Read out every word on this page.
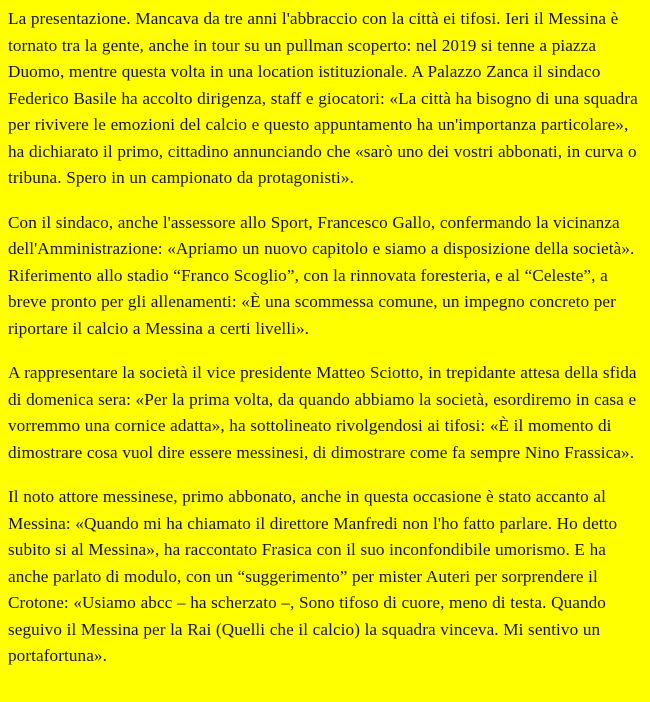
La presentazione. Mancava da tre anni l'abbraccio con la città ei tifosi. Ieri il Messina è tornato tra la gente, anche in tour su un pullman scoperto: nel 2019 si tenne a piazza Duomo, mentre questa volta in una location istituzionale. A Palazzo Zanca il sindaco Federico Basile ha accolto dirigenza, staff e giocatori: «La città ha bisogno di una squadra per rivivere le emozioni del calcio e questo appuntamento ha un'importanza particolare», ha dichiarato il primo, cittadino annunciando che «sarò uno dei vostri abbonati, in curva o tribuna. Spero in un campionato da protagonisti».

Con il sindaco, anche l'assessore allo Sport, Francesco Gallo, confermando la vicinanza dell'Amministrazione: «Apriamo un nuovo capitolo e siamo a disposizione della società». Riferimento allo stadio “Franco Scoglio”, con la rinnovata foresteria, e al “Celeste”, a breve pronto per gli allenamenti: «È una scommessa comune, un impegno concreto per riportare il calcio a Messina a certi livelli».

A rappresentare la società il vice presidente Matteo Sciotto, in trepidante attesa della sfida di domenica sera: «Per la prima volta, da quando abbiamo la società, esordiremo in casa e vorremmo una cornice adatta», ha sottolineato rivolgendosi ai tifosi: «È il momento di dimostrare cosa vuol dire essere messinesi, di dimostrare come fa sempre Nino Frassica».

Il noto attore messinese, primo abbonato, anche in questa occasione è stato accanto al Messina: «Quando mi ha chiamato il direttore Manfredi non l'ho fatto parlare. Ho detto subito si al Messina», ha raccontato Frasica con il suo inconfondibile umorismo. E ha anche parlato di modulo, con un “suggerimento” per mister Auteri per sorprendere il Crotone: «Usiamo abcc – ha scherzato –, Sono tifoso di cuore, meno di testa. Quando seguivo il Messina per la Rai (Quelli che il calcio) la squadra vinceva. Mi sentivo un portafortuna».
